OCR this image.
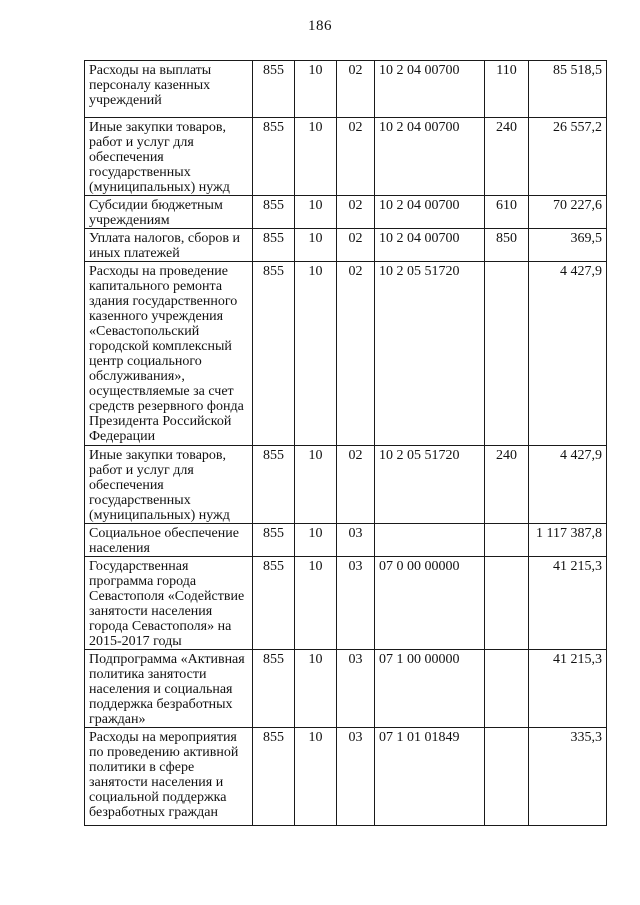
186
Расходы на выплаты персоналу казенных учреждений	855	10	02	10 2 04 00700	110	85 518,5
Иные закупки товаров, работ и услуг для обеспечения государственных (муниципальных) нужд	855	10	02	10 2 04 00700	240	26 557,2
Субсидии бюджетным учреждениям	855	10	02	10 2 04 00700	610	70 227,6
Уплата налогов, сборов и иных платежей	855	10	02	10 2 04 00700	850	369,5
Расходы на проведение капитального ремонта здания государственного казенного учреждения «Севастопольский городской комплексный центр социального обслуживания», осуществляемые за счет средств резервного фонда Президента Российской Федерации	855	10	02	10 2 05 51720		4 427,9
Иные закупки товаров, работ и услуг для обеспечения государственных (муниципальных) нужд	855	10	02	10 2 05 51720	240	4 427,9
Социальное обеспечение населения	855	10	03			1 117 387,8
Государственная программа города Севастополя «Содействие занятости населения города Севастополя» на 2015-2017 годы	855	10	03	07 0 00 00000		41 215,3
Подпрограмма «Активная политика занятости населения и социальная поддержка безработных граждан»	855	10	03	07 1 00 00000		41 215,3
Расходы на мероприятия по проведению активной политики в сфере занятости населения и социальной поддержка безработных граждан	855	10	03	07 1 01 01849		335,3
